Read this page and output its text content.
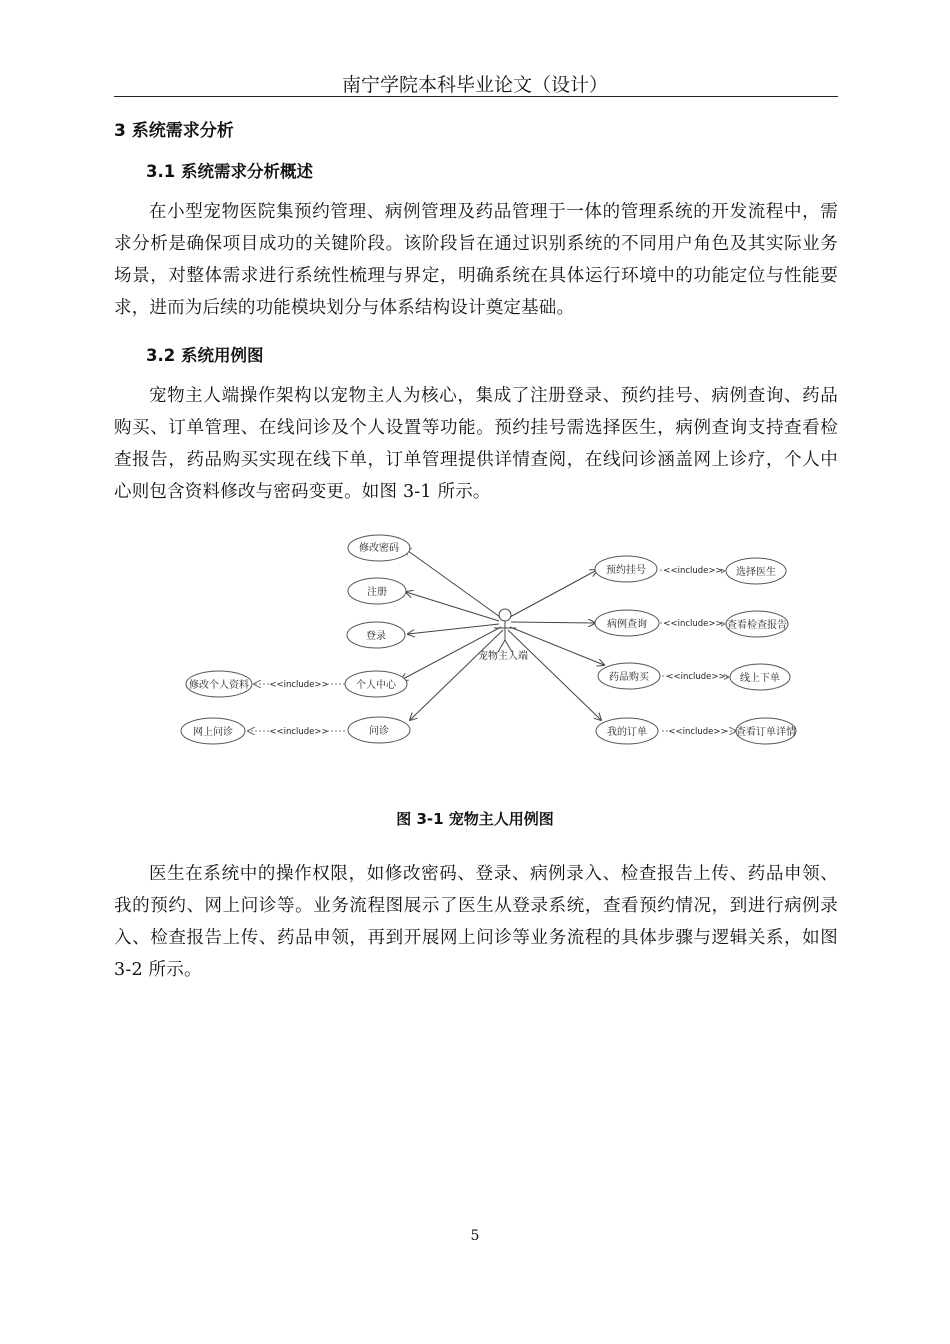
南宁学院本科毕业论文（设计）
3 系统需求分析
3.1 系统需求分析概述
在小型宠物医院集预约管理、病例管理及药品管理于一体的管理系统的开发流程中，需求分析是确保项目成功的关键阶段。该阶段旨在通过识别系统的不同用户角色及其实际业务场景，对整体需求进行系统性梳理与界定，明确系统在具体运行环境中的功能定位与性能要求，进而为后续的功能模块划分与体系结构设计奠定基础。
3.2 系统用例图
宠物主人端操作架构以宠物主人为核心，集成了注册登录、预约挂号、病例查询、药品购买、订单管理、在线问诊及个人设置等功能。预约挂号需选择医生，病例查询支持查看检查报告，药品购买实现在线下单，订单管理提供详情查阅，在线问诊涵盖网上诊疗，个人中心则包含资料修改与密码变更。如图 3-1 所示。
宠物主人端
<<include>>
<<include>>
<<include>>
<<include>>
<<include>>
<<include>>
修改密码
注册
登录
个人中心
问诊
修改个人资料
网上问诊
预约挂号
病例查询
药品购买
我的订单
选择医生
查看检查报告
线上下单
查看订单详情
图 3-1 宠物主人用例图
医生在系统中的操作权限，如修改密码、登录、病例录入、检查报告上传、药品申领、我的预约、网上问诊等。业务流程图展示了医生从登录系统，查看预约情况，到进行病例录入、检查报告上传、药品申领，再到开展网上问诊等业务流程的具体步骤与逻辑关系，如图 3-2 所示。
5
